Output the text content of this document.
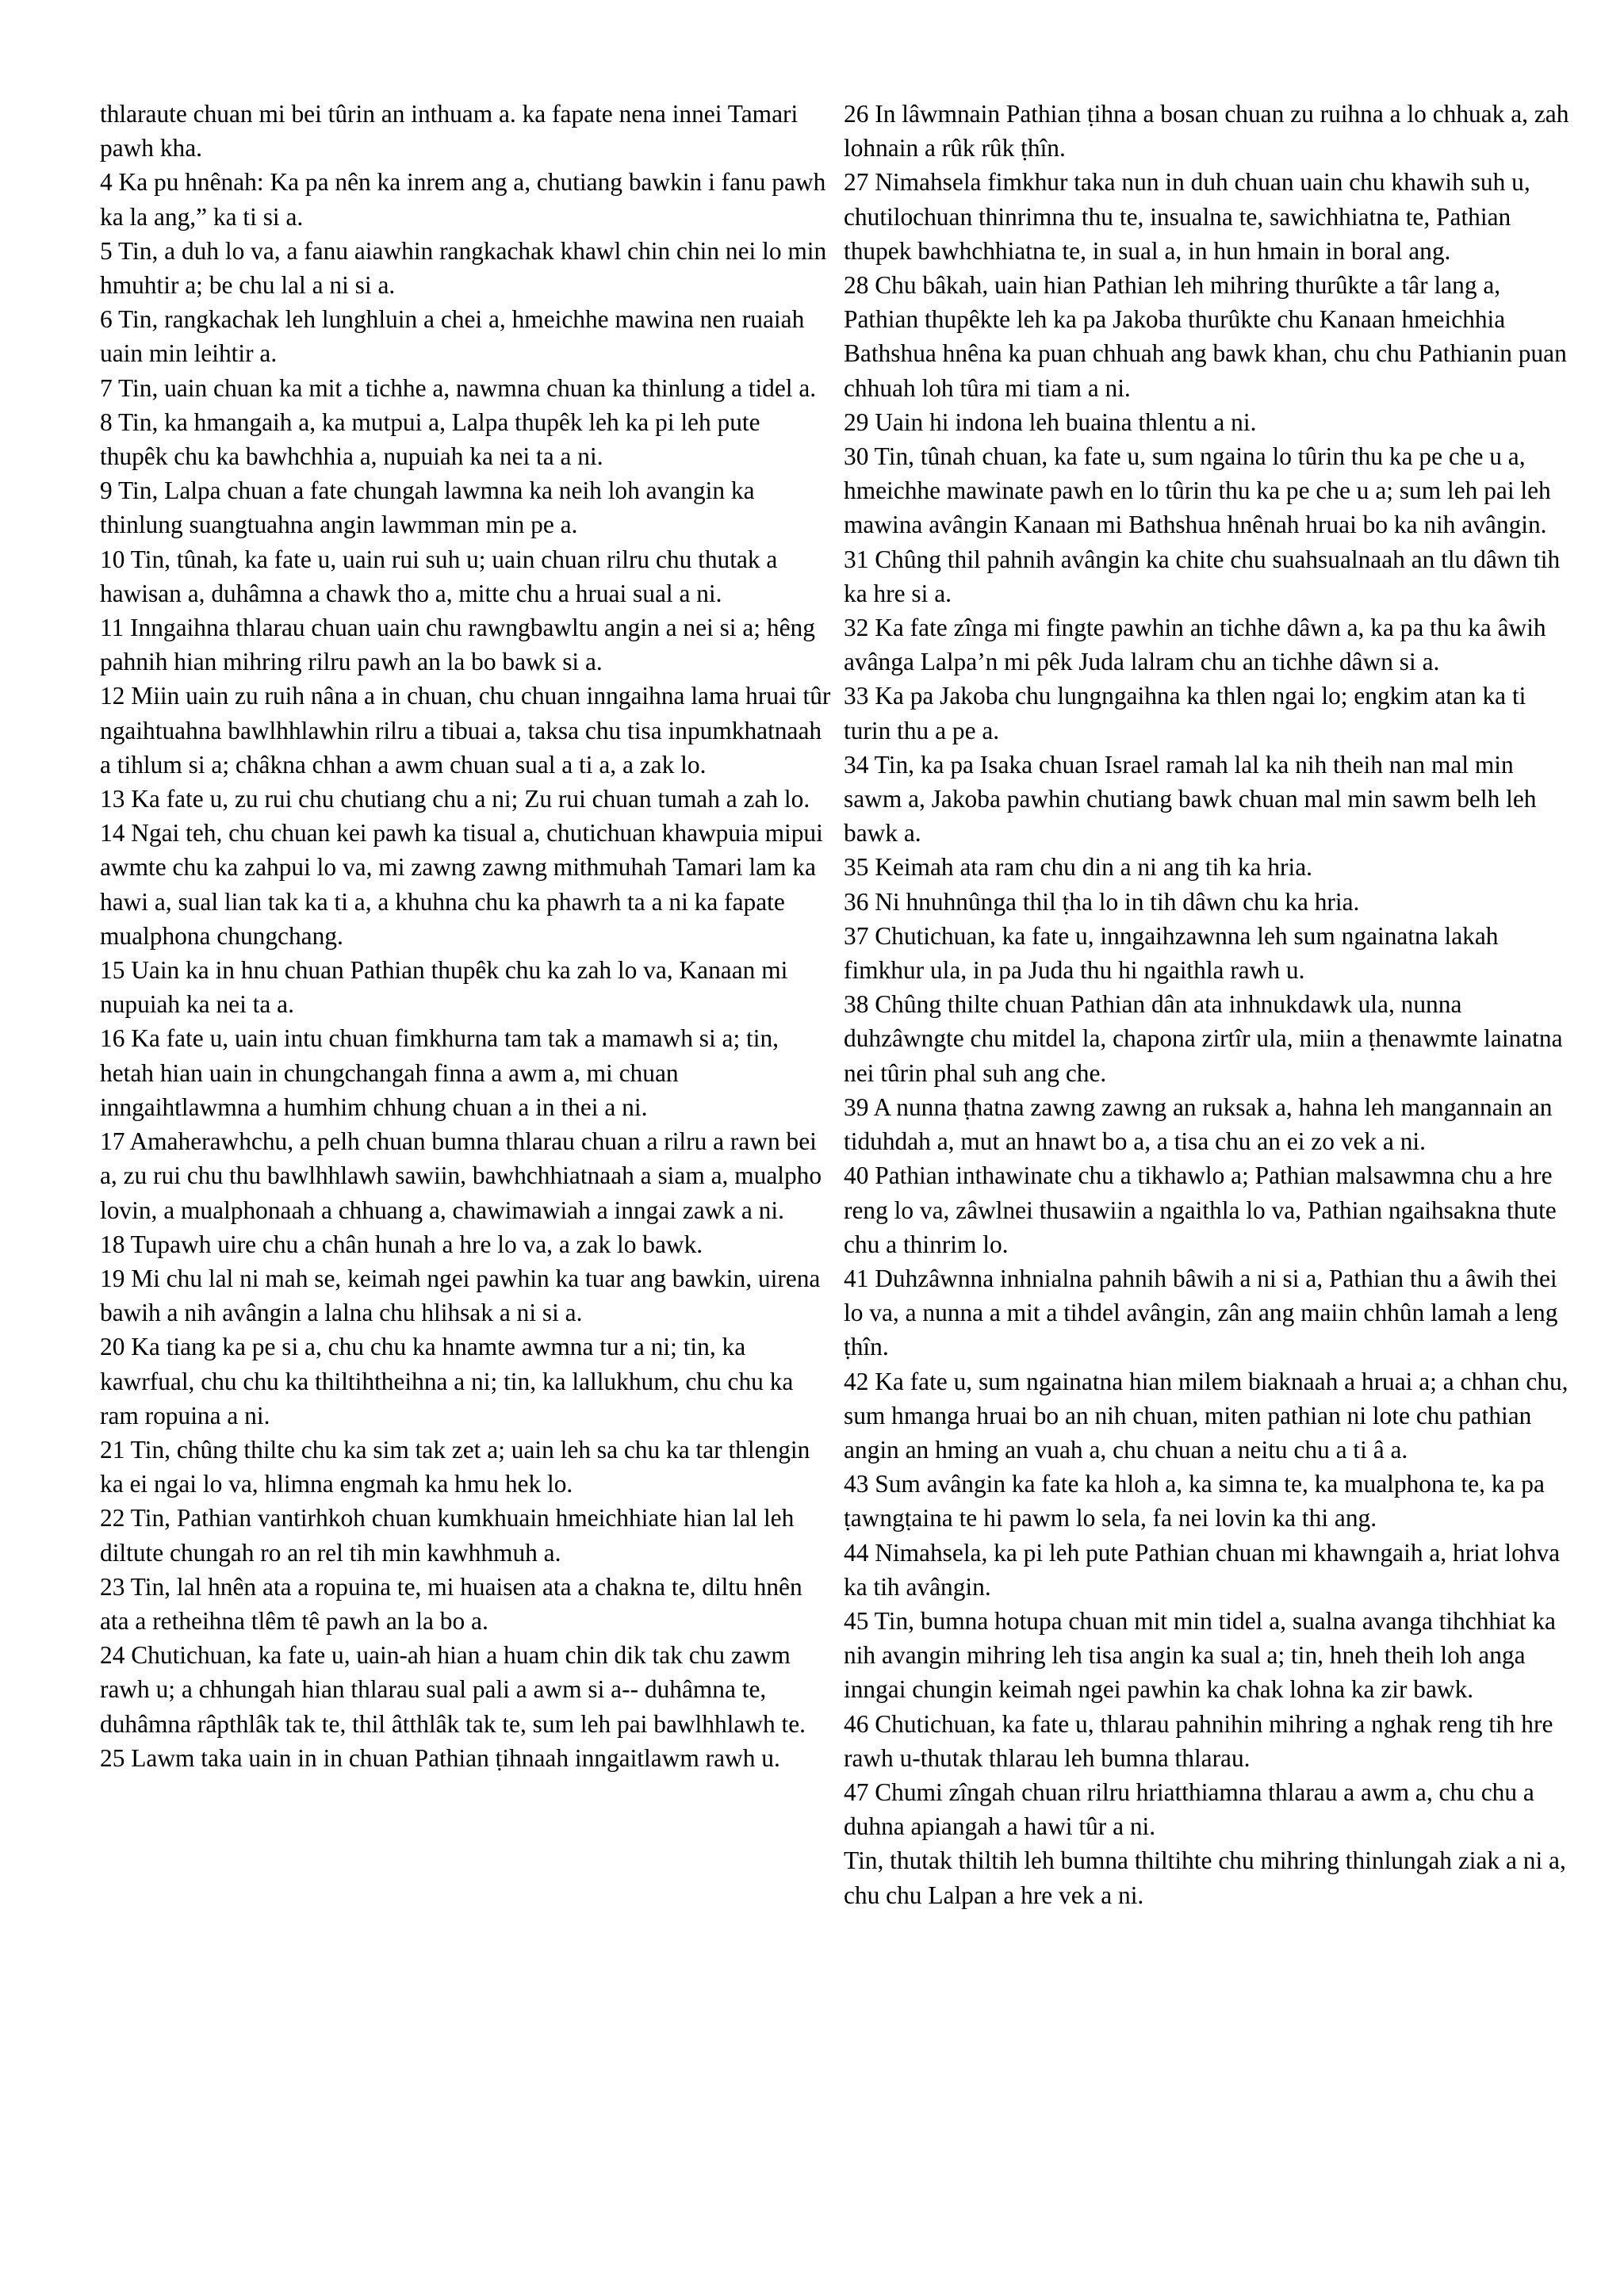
thlaraute chuan mi bei tûrin an inthuam a. ka fapate nena innei Tamari pawh kha.

4 Ka pu hnênah: Ka pa nên ka inrem ang a, chutiang bawkin i fanu pawh ka la ang,” ka ti si a.

5 Tin, a duh lo va, a fanu aiawhin rangkachak khawl chin chin nei lo min hmuhtir a; be chu lal a ni si a.

6 Tin, rangkachak leh lunghluin a chei a, hmeichhe mawina nen ruaiah uain min leihtir a.

7 Tin, uain chuan ka mit a tichhe a, nawmna chuan ka thinlung a tidel a.

8 Tin, ka hmangaih a, ka mutpui a, Lalpa thupêk leh ka pi leh pute thupêk chu ka bawhchhia a, nupuiah ka nei ta a ni.

9 Tin, Lalpa chuan a fate chungah lawmna ka neih loh avangin ka thinlung suangtuahna angin lawmman min pe a.

10 Tin, tûnah, ka fate u, uain rui suh u; uain chuan rilru chu thutak a hawisan a, duhâmna a chawk tho a, mitte chu a hruai sual a ni.

11 Inngaihna thlarau chuan uain chu rawngbawltu angin a nei si a; hêng pahnih hian mihring rilru pawh an la bo bawk si a.

12 Miin uain zu ruih nâna a in chuan, chu chuan inngaihna lama hruai tûr ngaihtuahna bawlhhlawhin rilru a tibuai a, taksa chu tisa inpumkhatnaah a tihlum si a; châkna chhan a awm chuan sual a ti a, a zak lo.

13 Ka fate u, zu rui chu chutiang chu a ni; Zu rui chuan tumah a zah lo.

14 Ngai teh, chu chuan kei pawh ka tisual a, chutichuan khawpuia mipui awmte chu ka zahpui lo va, mi zawng zawng mithmuhah Tamari lam ka hawi a, sual lian tak ka ti a, a khuhna chu ka phawrh ta a ni ka fapate mualphona chungchang.

15 Uain ka in hnu chuan Pathian thupêk chu ka zah lo va, Kanaan mi nupuiah ka nei ta a.

16 Ka fate u, uain intu chuan fimkhurna tam tak a mamawh si a; tin, hetah hian uain in chungchangah finna a awm a, mi chuan inngaihtlawmna a humhim chhung chuan a in thei a ni.

17 Amaherawhchu, a pelh chuan bumna thlarau chuan a rilru a rawn bei a, zu rui chu thu bawlhhlawh sawiin, bawhchhiatnaah a siam a, mualpho lovin, a mualphonaah a chhuang a, chawimawiah a inngai zawk a ni.

18 Tupawh uire chu a chân hunah a hre lo va, a zak lo bawk.

19 Mi chu lal ni mah se, keimah ngei pawhin ka tuar ang bawkin, uirena bawih a nih avângin a lalna chu hlihsak a ni si a.

20 Ka tiang ka pe si a, chu chu ka hnamte awmna tur a ni; tin, ka kawrfual, chu chu ka thiltihtheihna a ni; tin, ka lallukhum, chu chu ka ram ropuina a ni.

21 Tin, chûng thilte chu ka sim tak zet a; uain leh sa chu ka tar thlengin ka ei ngai lo va, hlimna engmah ka hmu hek lo.

22 Tin, Pathian vantirhkoh chuan kumkhuain hmeichhiate hian lal leh diltute chungah ro an rel tih min kawhhmuh a.

23 Tin, lal hnên ata a ropuina te, mi huaisen ata a chakna te, diltu hnên ata a retheihna tlêm tê pawh an la bo a.

24 Chutichuan, ka fate u, uain-ah hian a huam chin dik tak chu zawm rawh u; a chhungah hian thlarau sual pali a awm si a-- duhâmna te, duhâmna râpthlâk tak te, thil âtthlâk tak te, sum leh pai bawlhhlawh te.

25 Lawm taka uain in in chuan Pathian ṭihnaah inngaitlawm rawh u.

26 In lâwmnain Pathian ṭihna a bosan chuan zu ruihna a lo chhuak a, zah lohnain a rûk rûk ṭhîn.

27 Nimahsela fimkhur taka nun in duh chuan uain chu khawih suh u, chutilochuan thinrimna thu te, insualna te, sawichhiatna te, Pathian thupek bawhchhiatna te, in sual a, in hun hmain in boral ang.

28 Chu bâkah, uain hian Pathian leh mihring thurûkte a târ lang a, Pathian thupêkte leh ka pa Jakoba thurûkte chu Kanaan hmeichhia Bathshua hnêna ka puan chhuah ang bawk khan, chu chu Pathianin puan chhuah loh tûra mi tiam a ni.

29 Uain hi indona leh buaina thlentu a ni.

30 Tin, tûnah chuan, ka fate u, sum ngaina lo tûrin thu ka pe che u a, hmeichhe mawinate pawh en lo tûrin thu ka pe che u a; sum leh pai leh mawina avângin Kanaan mi Bathshua hnênah hruai bo ka nih avângin.

31 Chûng thil pahnih avângin ka chite chu suahsualnaah an tlu dâwn tih ka hre si a.

32 Ka fate zînga mi fingte pawhin an tichhe dâwn a, ka pa thu ka âwih avânga Lalpa’n mi pêk Juda lalram chu an tichhe dâwn si a.

33 Ka pa Jakoba chu lungngaihna ka thlen ngai lo; engkim atan ka ti turin thu a pe a.

34 Tin, ka pa Isaka chuan Israel ramah lal ka nih theih nan mal min sawm a, Jakoba pawhin chutiang bawk chuan mal min sawm belh leh bawk a.

35 Keimah ata ram chu din a ni ang tih ka hria.

36 Ni hnuhnûnga thil ṭha lo in tih dâwn chu ka hria.

37 Chutichuan, ka fate u, inngaihzawnna leh sum ngainatna lakah fimkhur ula, in pa Juda thu hi ngaithla rawh u.

38 Chûng thilte chuan Pathian dân ata inhnukdawk ula, nunna duhzâwngte chu mitdel la, chapona zirtîr ula, miin a ṭhenawmte lainatna nei tûrin phal suh ang che.

39 A nunna ṭhatna zawng zawng an ruksak a, hahna leh mangannain an tiduhdah a, mut an hnawt bo a, a tisa chu an ei zo vek a ni.

40 Pathian inthawinate chu a tikhawlo a; Pathian malsawmna chu a hre reng lo va, zâwlnei thusawiin a ngaithla lo va, Pathian ngaihsakna thute chu a thinrim lo.

41 Duhzâwnna inhnialna pahnih bâwih a ni si a, Pathian thu a âwih thei lo va, a nunna a mit a tihdel avângin, zân ang maiin chhûn lamah a leng ṭhîn.

42 Ka fate u, sum ngainatna hian milem biaknaah a hruai a; a chhan chu, sum hmanga hruai bo an nih chuan, miten pathian ni lote chu pathian angin an hming an vuah a, chu chuan a neitu chu a ti â a.

43 Sum avângin ka fate ka hloh a, ka simna te, ka mualphona te, ka pa ṭawngṭaina te hi pawm lo sela, fa nei lovin ka thi ang.

44 Nimahsela, ka pi leh pute Pathian chuan mi khawngaih a, hriat lohva ka tih avângin.

45 Tin, bumna hotupa chuan mit min tidel a, sualna avanga tihchhiat ka nih avangin mihring leh tisa angin ka sual a; tin, hneh theih loh anga inngai chungin keimah ngei pawhin ka chak lohna ka zir bawk.

46 Chutichuan, ka fate u, thlarau pahnihin mihring a nghak reng tih hre rawh u-thutak thlarau leh bumna thlarau.

47 Chumi zîngah chuan rilru hriatthiamna thlarau a awm a, chu chu a duhna apiangah a hawi tûr a ni.

Tin, thutak thiltih leh bumna thiltihte chu mihring thinlungah ziak a ni a, chu chu Lalpan a hre vek a ni.
